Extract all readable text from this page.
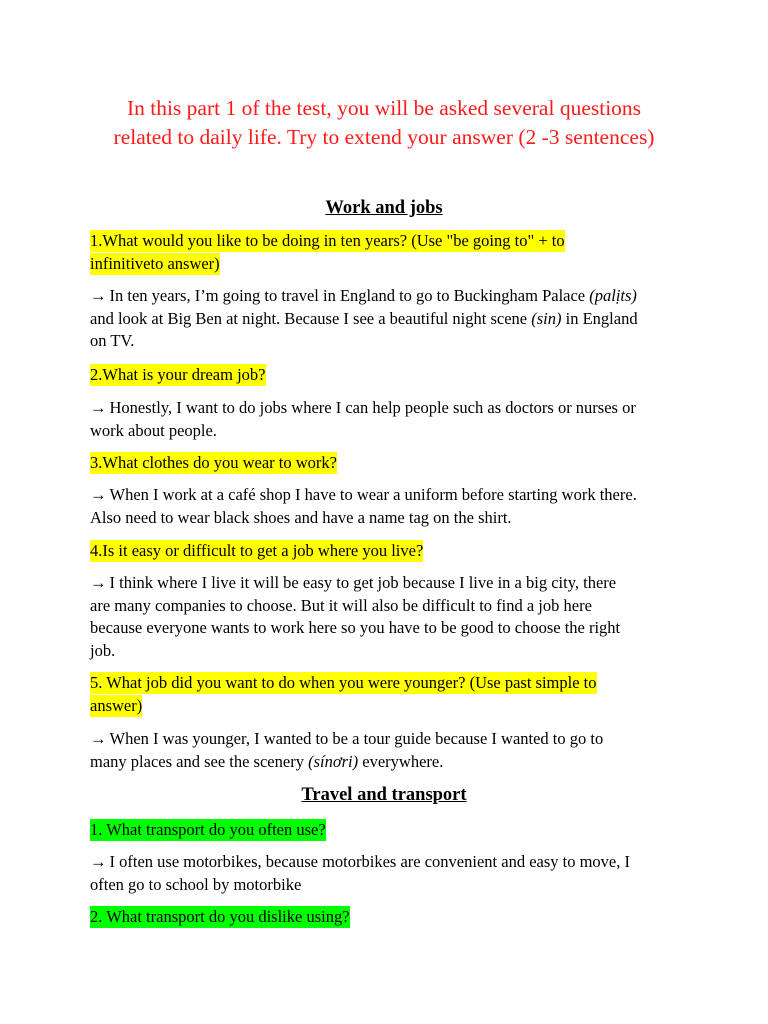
In this part 1 of the test, you will be asked several questions
related to daily life. Try to extend your answer (2 -3 sentences)
Work and jobs
1.What would you like to be doing in ten years? (Use "be going to" + to
infinitiveto answer)

→ In ten years, I’m going to travel in England to go to Buckingham Palace (palịts)

and look at Big Ben at night. Because I see a beautiful night scene (sin) in England

on TV.

2.What is your dream job?

→ Honestly, I want to do jobs where I can help people such as doctors or nurses or

work about people.

3.What clothes do you wear to work?

→ When I work at a café shop I have to wear a uniform before starting work there.

Also need to wear black shoes and have a name tag on the shirt.

4.Is it easy or difficult to get a job where you live?

→ I think where I live it will be easy to get job because I live in a big city, there

are many companies to choose. But it will also be difficult to find a job here

because everyone wants to work here so you have to be good to choose the right

job.

5. What job did you want to do when you were younger? (Use past simple to
answer)

→ When I was younger, I wanted to be a tour guide because I wanted to go to

many places and see the scenery (sínơri) everywhere.

Travel and transport
1. What transport do you often use?

→ I often use motorbikes, because motorbikes are convenient and easy to move, I

often go to school by motorbike

2. What transport do you dislike using?
